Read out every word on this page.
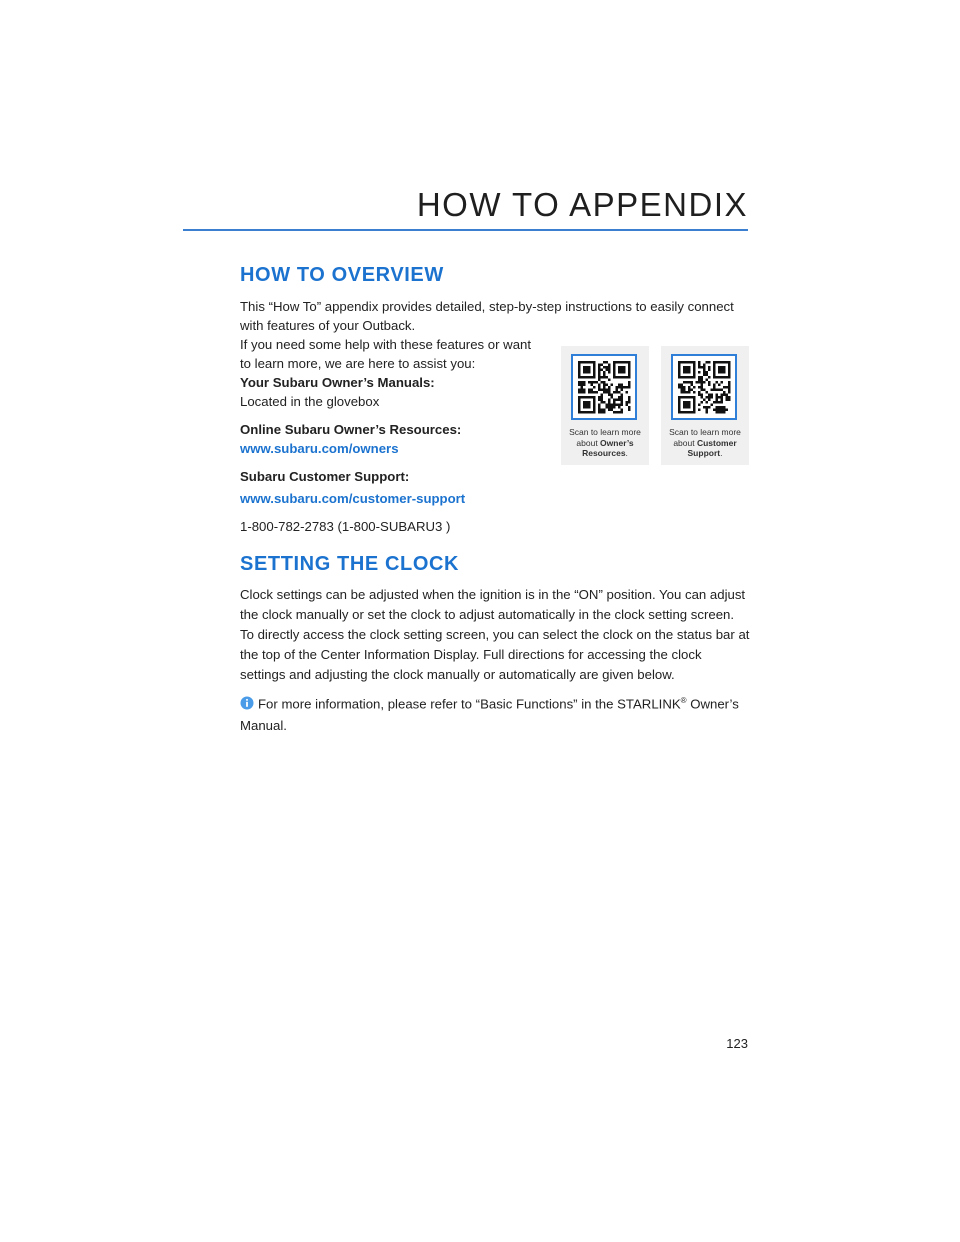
HOW TO APPENDIX
HOW TO OVERVIEW

This “How To” appendix provides detailed, step-by-step instructions to easily connect with features of your Outback.

If you need some help with these features or want to learn more, we are here to assist you:

Your Subaru Owner’s Manuals:

Located in the glovebox

Online Subaru Owner’s Resources:

www.subaru.com/owners

Subaru Customer Support:

www.subaru.com/customer-support

1-800-782-2783 (1-800-SUBARU3 )

SETTING THE CLOCK

Clock settings can be adjusted when the ignition is in the “ON” position. You can adjust the clock manually or set the clock to adjust automatically in the clock setting screen. To directly access the clock setting screen, you can select the clock on the status bar at the top of the Center Information Display. Full directions for accessing the clock settings and adjusting the clock manually or automatically are given below.

For more information, please refer to “Basic Functions” in the STARLINK® Owner’s Manual.

Scan to learn more about Owner’s Resources.
Scan to learn more about Customer Support.
123
